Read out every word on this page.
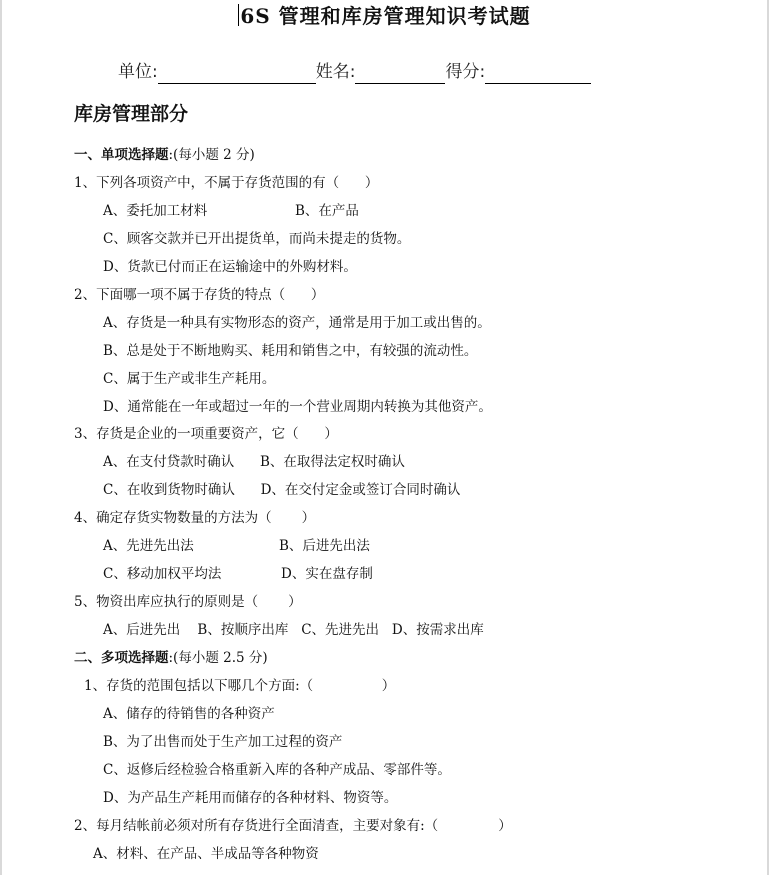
6S 管理和库房管理知识考试题
单位:	姓名:	得分:
库房管理部分
一、单项选择题:(每小题 2 分)
1、下列各项资产中，不属于存货范围的有（      ）
A、委托加工材料	B、在产品
C、顾客交款并已开出提货单，而尚未提走的货物。
D、货款已付而正在运输途中的外购材料。
2、下面哪一项不属于存货的特点（      ）
A、存货是一种具有实物形态的资产，通常是用于加工或出售的。
B、总是处于不断地购买、耗用和销售之中，有较强的流动性。
C、属于生产或非生产耗用。
D、通常能在一年或超过一年的一个营业周期内转换为其他资产。
3、存货是企业的一项重要资产，它（      ）
A、在支付贷款时确认      B、在取得法定权时确认
C、在收到货物时确认      D、在交付定金或签订合同时确认
4、确定存货实物数量的方法为（       ）
A、先进先出法	B、后进先出法
C、移动加权平均法	D、实在盘存制
5、物资出库应执行的原则是（       ）
A、后进先出    B、按顺序出库   C、先进先出   D、按需求出库
二、多项选择题:(每小题 2.5 分)
1、存货的范围包括以下哪几个方面:（                ）
A、储存的待销售的各种资产
B、为了出售而处于生产加工过程的资产
C、返修后经检验合格重新入库的各种产成品、零部件等。
D、为产品生产耗用而储存的各种材料、物资等。
2、每月结帐前必须对所有存货进行全面清查，主要对象有:（              ）
A、材料、在产品、半成品等各种物资
